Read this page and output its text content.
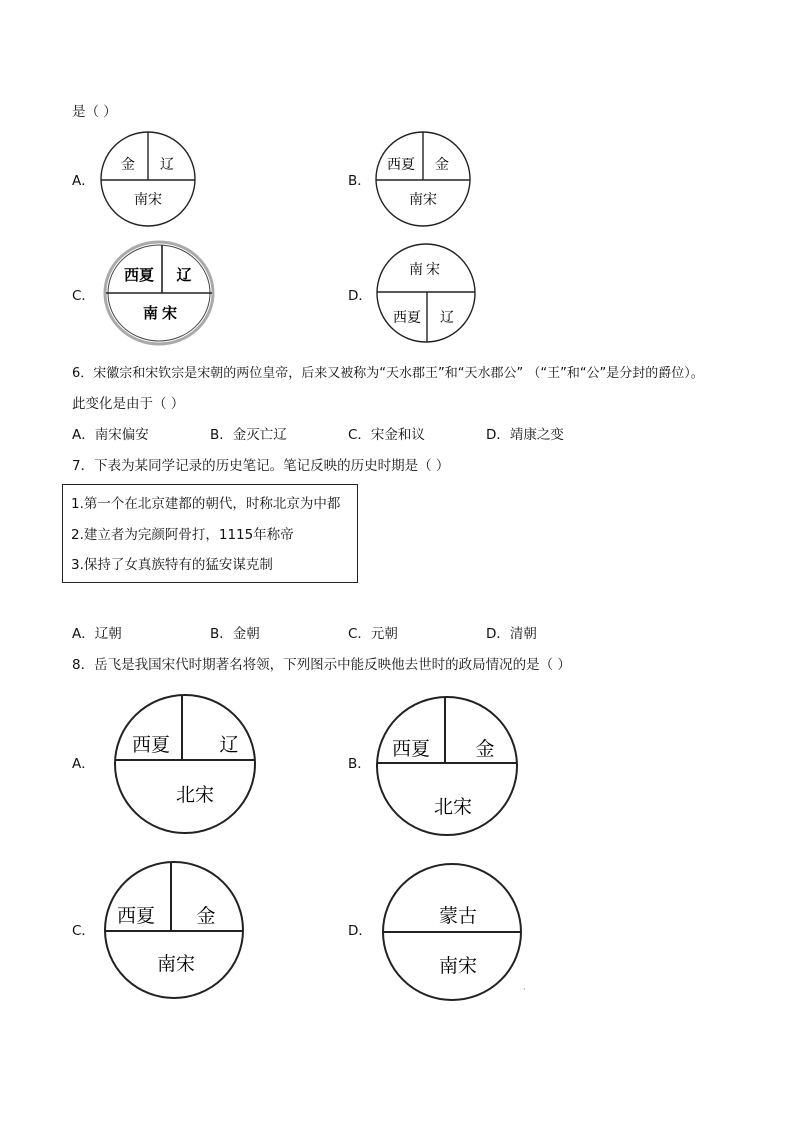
是（ ）
A．
金 辽
南宋
B．
西夏 金
南宋
C．
西夏 辽
南宋
D．
南宋
西夏 辽
6．宋徽宗和宋钦宗是宋朝的两位皇帝，后来又被称为“天水郡王”和“天水郡公” （“王”和“公”是分封的爵位）。
此变化是由于（ ）
A．南宋偏安	B．金灭亡辽	C．宋金和议	D．靖康之变
7．下表为某同学记录的历史笔记。笔记反映的历史时期是（ ）
1.第一个在北京建都的朝代，时称北京为中都
2.建立者为完颜阿骨打，1115年称帝
3.保持了女真族特有的猛安谋克制
A．辽朝	B．金朝	C．元朝	D．清朝
8．岳飞是我国宋代时期著名将领，下列图示中能反映他去世时的政局情况的是（ ）
A．
西夏	辽
北宋
B．
西夏 金
北宋
C．
西夏 金
南宋
D．
蒙古
南宋
·
